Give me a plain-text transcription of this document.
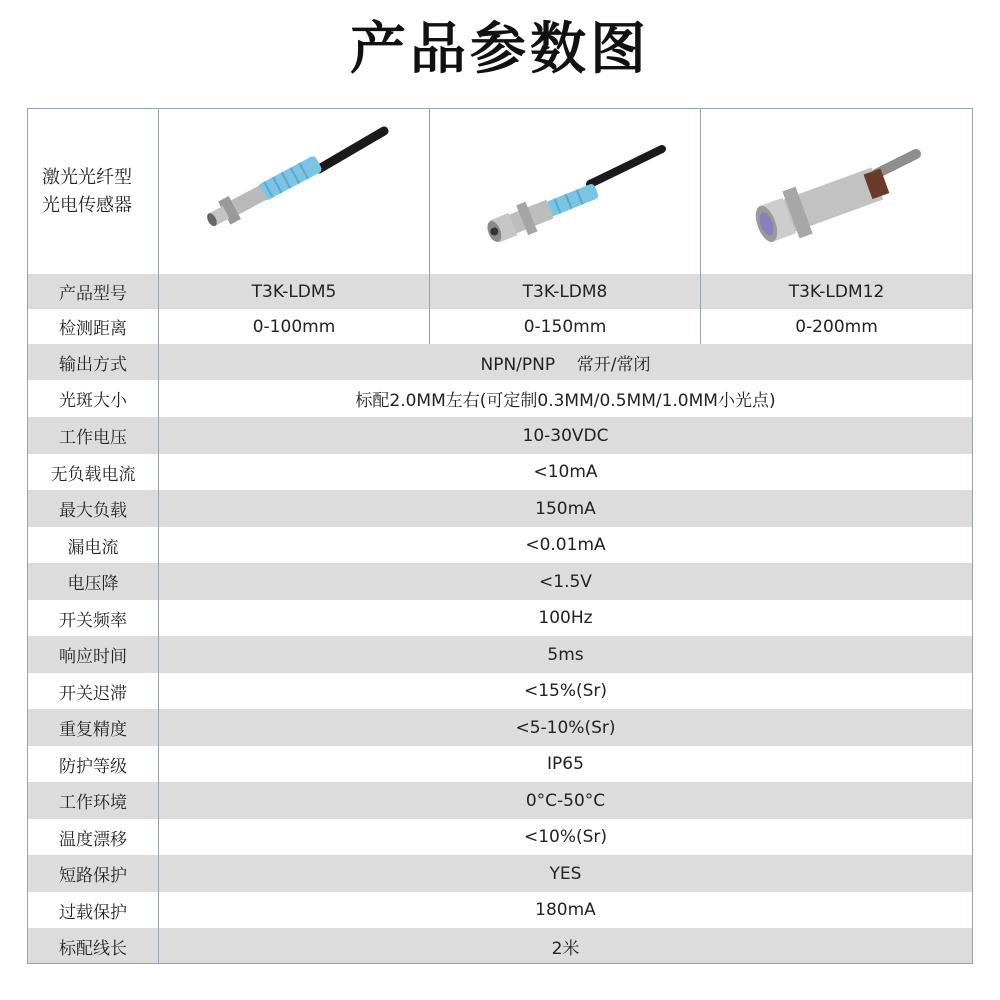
产品参数图
激光光纤型
光电传感器
产品型号	T3K-LDM5	T3K-LDM8	T3K-LDM12
检测距离	0-100mm	0-150mm	0-200mm
输出方式	NPN/PNP    常开/常闭
光斑大小	标配2.0MM左右(可定制0.3MM/0.5MM/1.0MM小光点)
工作电压	10-30VDC
无负载电流	<10mA
最大负载	150mA
漏电流	<0.01mA
电压降	<1.5V
开关频率	100Hz
响应时间	5ms
开关迟滞	<15%(Sr)
重复精度	<5-10%(Sr)
防护等级	IP65
工作环境	0°C-50°C
温度漂移	<10%(Sr)
短路保护	YES
过载保护	180mA
标配线长	2米
